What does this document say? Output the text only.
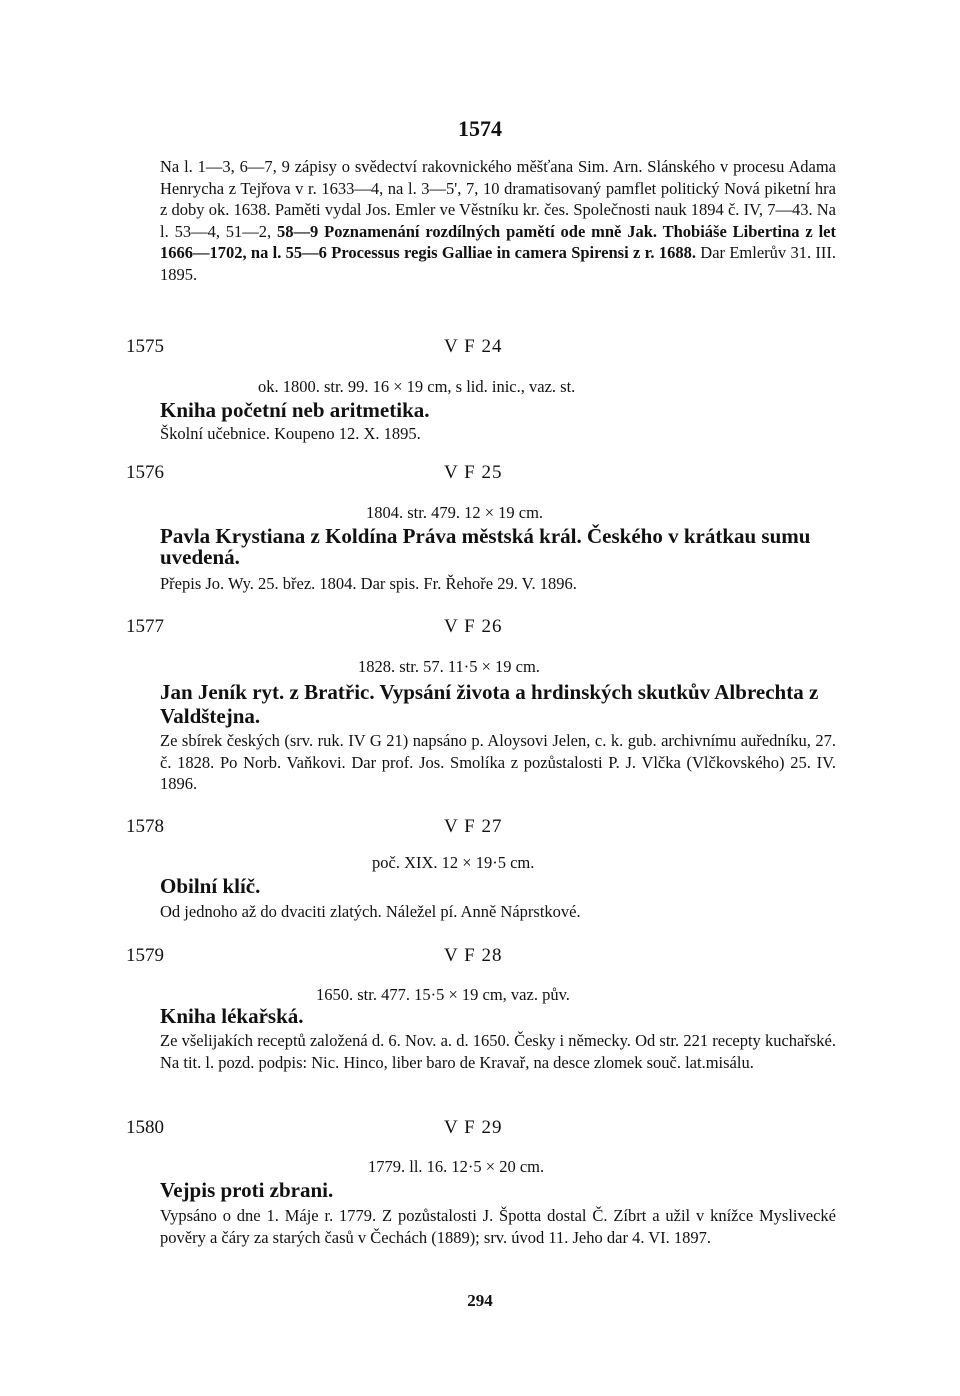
1574
Na l. 1—3, 6—7, 9 zápisy o svědectví rakovnického měšťana Sim. Arn. Slánského v procesu Adama Henrycha z Tejřova v r. 1633—4, na l. 3—5', 7, 10 dramatisovaný pamflet politický Nová piketní hra z doby ok. 1638. Paměti vydal Jos. Emler ve Věstníku kr. čes. Společnosti nauk 1894 č. IV, 7—43. Na l. 53—4, 51—2, 58—9 Poznamenání rozdílných pamětí ode mně Jak. Thobiáše Libertina z let 1666—1702, na l. 55—6 Processus regis Galliae in camera Spirensi z r. 1688. Dar Emlerův 31. III. 1895.
1575	V F 24
ok. 1800. str. 99. 16 × 19 cm, s lid. inic., vaz. st.
Kniha početní neb aritmetika.
Školní učebnice. Koupeno 12. X. 1895.
1576	V F 25
1804. str. 479. 12 × 19 cm.
Pavla Krystiana z Koldína Práva městská král. Českého v krátkau sumu uvedená.
Přepis Jo. Wy. 25. břez. 1804. Dar spis. Fr. Řehoře 29. V. 1896.
1577	V F 26
1828. str. 57. 11·5 × 19 cm.
Jan Jeník ryt. z Bratřic. Vypsání života a hrdinských skutkův Albrechta z Valdštejna.
Ze sbírek českých (srv. ruk. IV G 21) napsáno p. Aloysovi Jelen, c. k. gub. archivnímu auředníku, 27. č. 1828. Po Norb. Vaňkovi. Dar prof. Jos. Smolíka z pozůstalosti P. J. Vlčka (Vlčkovského) 25. IV. 1896.
1578	V F 27
poč. XIX. 12 × 19·5 cm.
Obilní klíč.
Od jednoho až do dvaciti zlatých. Náležel pí. Anně Náprstkové.
1579	V F 28
1650. str. 477. 15·5 × 19 cm, vaz. pův.
Kniha lékařská.
Ze všelijakích receptů založená d. 6. Nov. a. d. 1650. Česky i německy. Od str. 221 recepty kuchařské. Na tit. l. pozd. podpis: Nic. Hinco, liber baro de Kravař, na desce zlomek souč. lat.misálu.
1580	V F 29
1779. ll. 16. 12·5 × 20 cm.
Vejpis proti zbrani.
Vypsáno o dne 1. Máje r. 1779. Z pozůstalosti J. Špotta dostal Č. Zíbrt a užil v knížce Myslivecké pověry a čáry za starých časů v Čechách (1889); srv. úvod 11. Jeho dar 4. VI. 1897.
294
